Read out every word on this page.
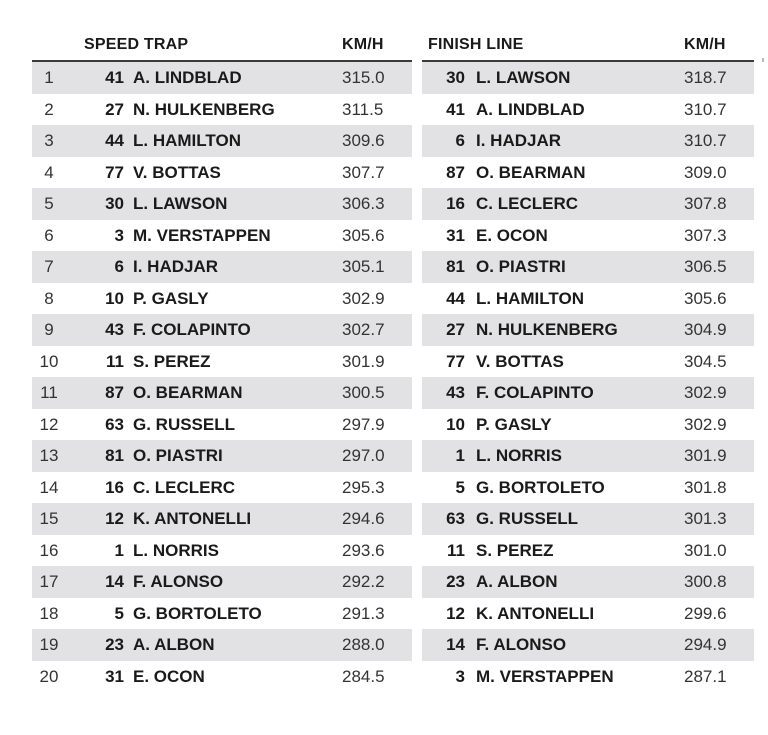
SPEED TRAP	KM/H
1	41 A. LINDBLAD	315.0
2	27 N. HULKENBERG	311.5
3	44 L. HAMILTON	309.6
4	77 V. BOTTAS	307.7
5	30 L. LAWSON	306.3
6	3 M. VERSTAPPEN	305.6
7	6 I. HADJAR	305.1
8	10 P. GASLY	302.9
9	43 F. COLAPINTO	302.7
10	11 S. PEREZ	301.9
11	87 O. BEARMAN	300.5
12	63 G. RUSSELL	297.9
13	81 O. PIASTRI	297.0
14	16 C. LECLERC	295.3
15	12 K. ANTONELLI	294.6
16	1 L. NORRIS	293.6
17	14 F. ALONSO	292.2
18	5 G. BORTOLETO	291.3
19	23 A. ALBON	288.0
20	31 E. OCON	284.5
FINISH LINE	KM/H
30 L. LAWSON	318.7
41 A. LINDBLAD	310.7
6 I. HADJAR	310.7
87 O. BEARMAN	309.0
16 C. LECLERC	307.8
31 E. OCON	307.3
81 O. PIASTRI	306.5
44 L. HAMILTON	305.6
27 N. HULKENBERG	304.9
77 V. BOTTAS	304.5
43 F. COLAPINTO	302.9
10 P. GASLY	302.9
1 L. NORRIS	301.9
5 G. BORTOLETO	301.8
63 G. RUSSELL	301.3
11 S. PEREZ	301.0
23 A. ALBON	300.8
12 K. ANTONELLI	299.6
14 F. ALONSO	294.9
3 M. VERSTAPPEN	287.1
